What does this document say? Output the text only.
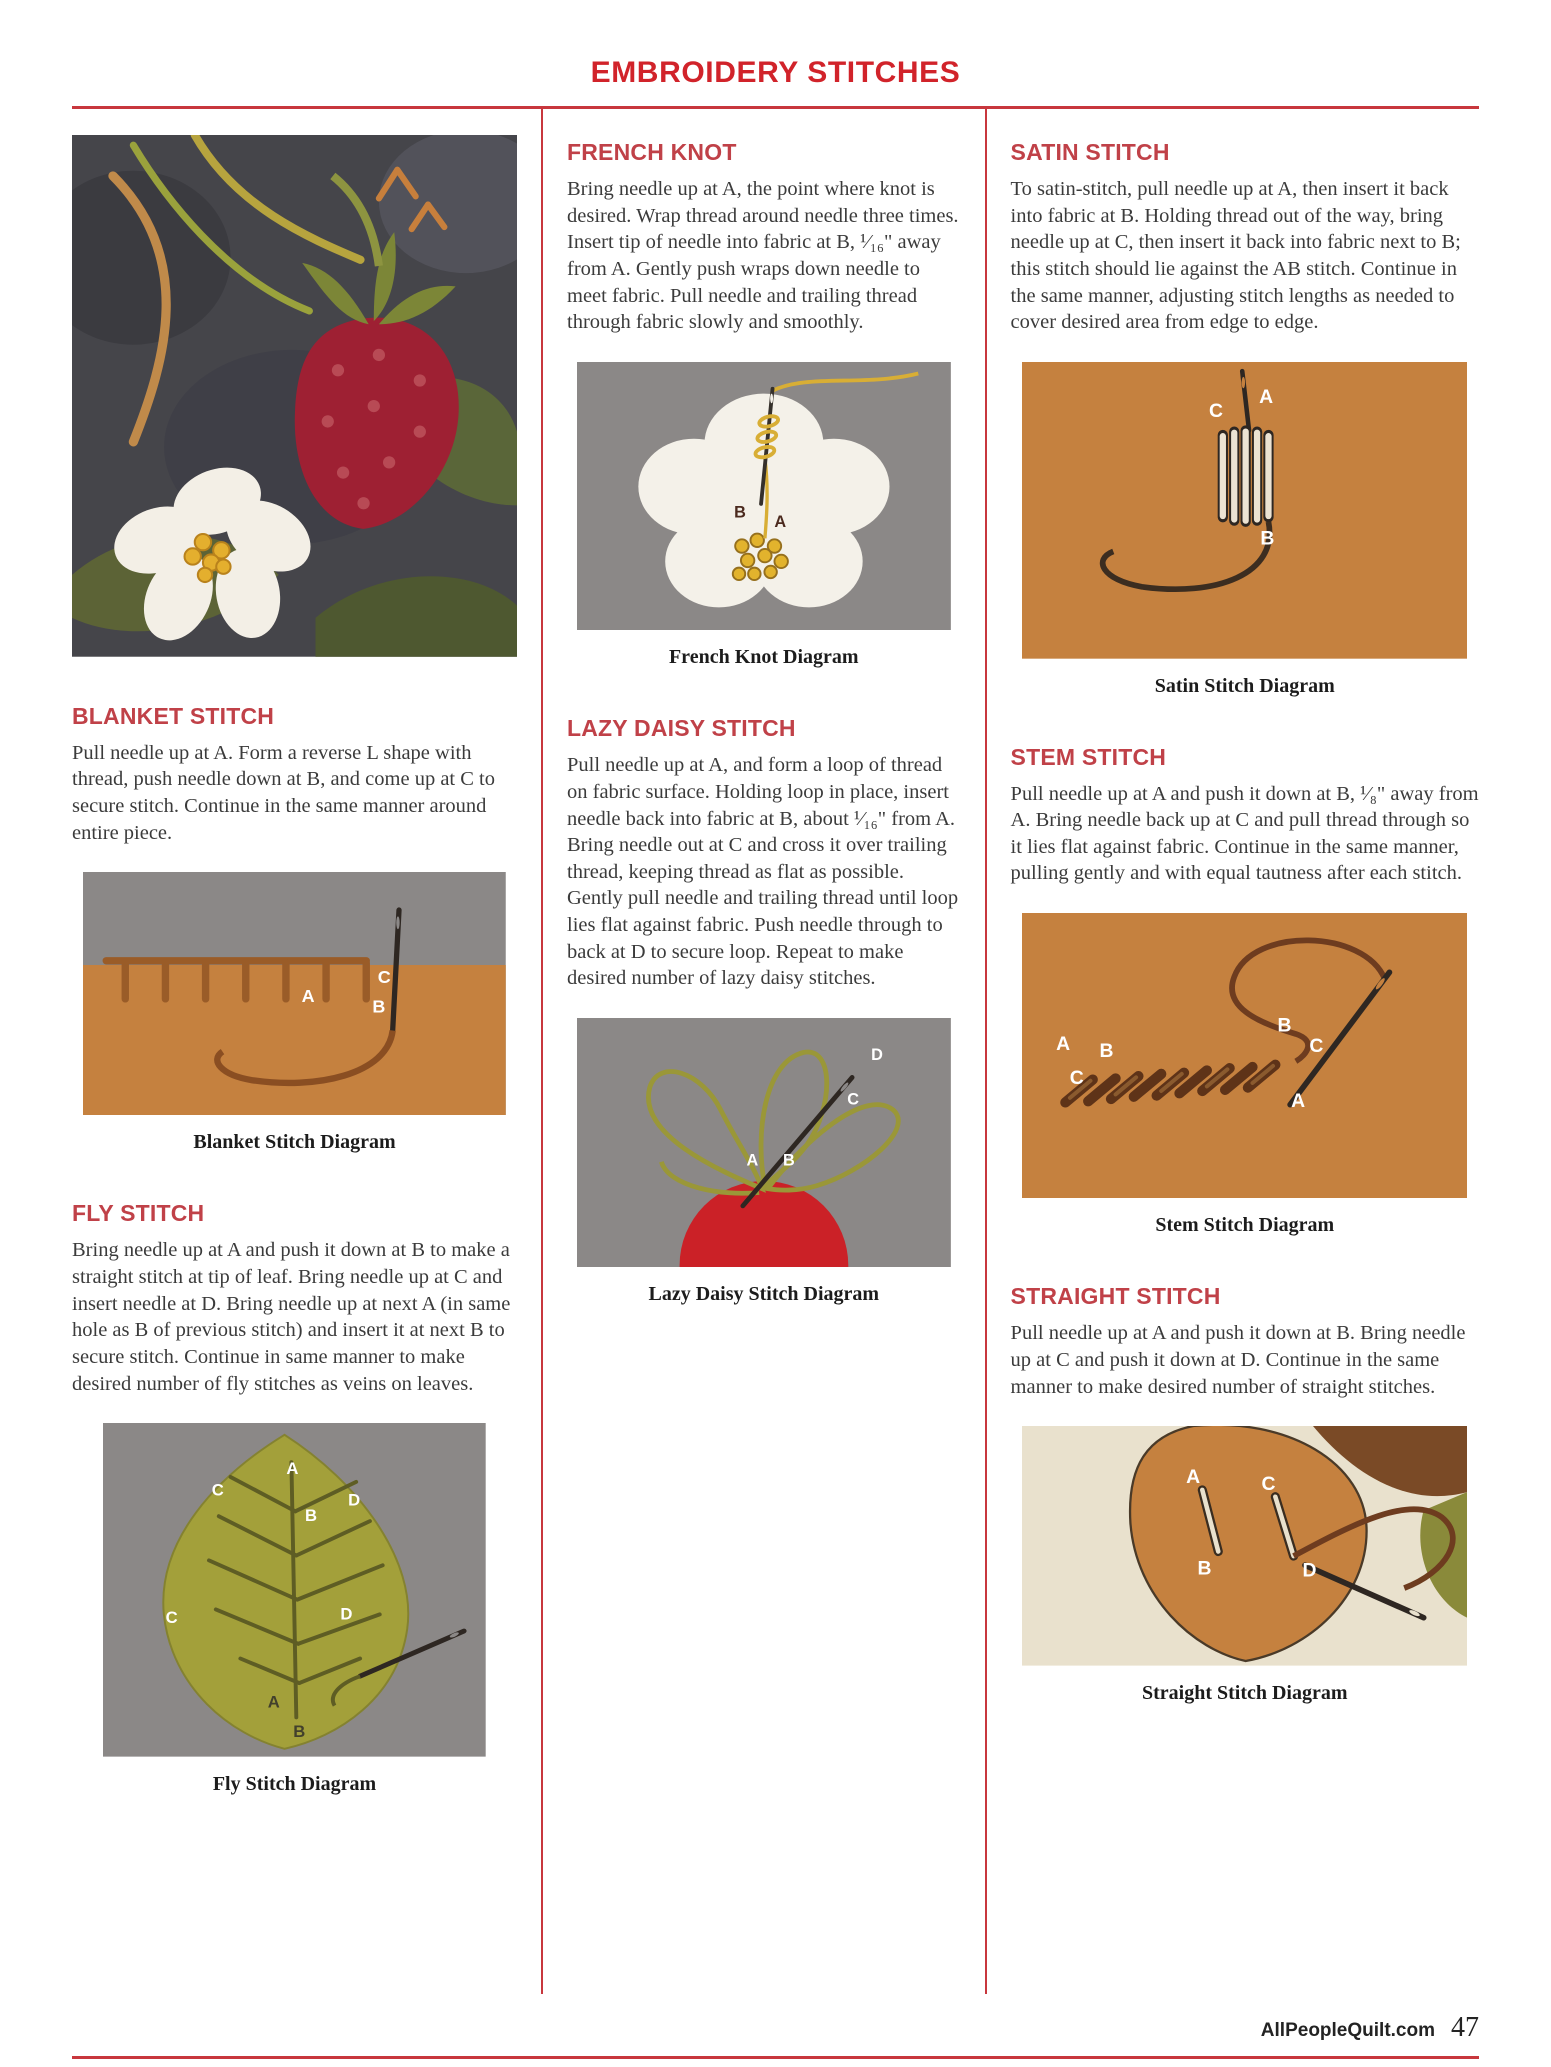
EMBROIDERY STITCHES
BLANKET STITCH

Pull needle up at A. Form a reverse L shape with thread, push needle down at B, and come up at C to secure stitch. Continue in the same manner around entire piece.

A
C
B
Blanket Stitch Diagram
FLY STITCH

Bring needle up at A and push it down at B to make a straight stitch at tip of leaf. Bring needle up at C and insert needle at D. Bring needle up at next A (in same hole as B of previous stitch) and insert it at next B to secure stitch. Continue in same manner to make desired number of fly stitches as veins on leaves.

A
C
B
D
C	D
A
B
Fly Stitch Diagram
FRENCH KNOT

Bring needle up at A, the point where knot is desired. Wrap thread around needle three times. Insert tip of needle into fabric at B, ¹⁄₁₆" away from A. Gently push wraps down needle to meet fabric. Pull needle and trailing thread through fabric slowly and smoothly.

B
A
French Knot Diagram
LAZY DAISY STITCH

Pull needle up at A, and form a loop of thread on fabric surface. Holding loop in place, insert needle back into fabric at B, about ¹⁄₁₆" from A. Bring needle out at C and cross it over trailing thread, keeping thread as flat as possible. Gently pull needle and trailing thread until loop lies flat against fabric. Push needle through to back at D to secure loop. Repeat to make desired number of lazy daisy stitches.

D
C
A B
Lazy Daisy Stitch Diagram
SATIN STITCH

To satin-stitch, pull needle up at A, then insert it back into fabric at B. Holding thread out of the way, bring needle up at C, then insert it back into fabric next to B; this stitch should lie against the AB stitch. Continue in the same manner, adjusting stitch lengths as needed to cover desired area from edge to edge.

A
C
B
Satin Stitch Diagram
STEM STITCH

Pull needle up at A and push it down at B, ¹⁄₈" away from A. Bring needle back up at C and pull thread through so it lies flat against fabric. Continue in the same manner, pulling gently and with equal tautness after each stitch.

A B
C
B
C
A
Stem Stitch Diagram
STRAIGHT STITCH

Pull needle up at A and push it down at B. Bring needle up at C and push it down at D. Continue in the same manner to make desired number of straight stitches.

A	C
B	D
Straight Stitch Diagram
AllPeopleQuilt.com 47
